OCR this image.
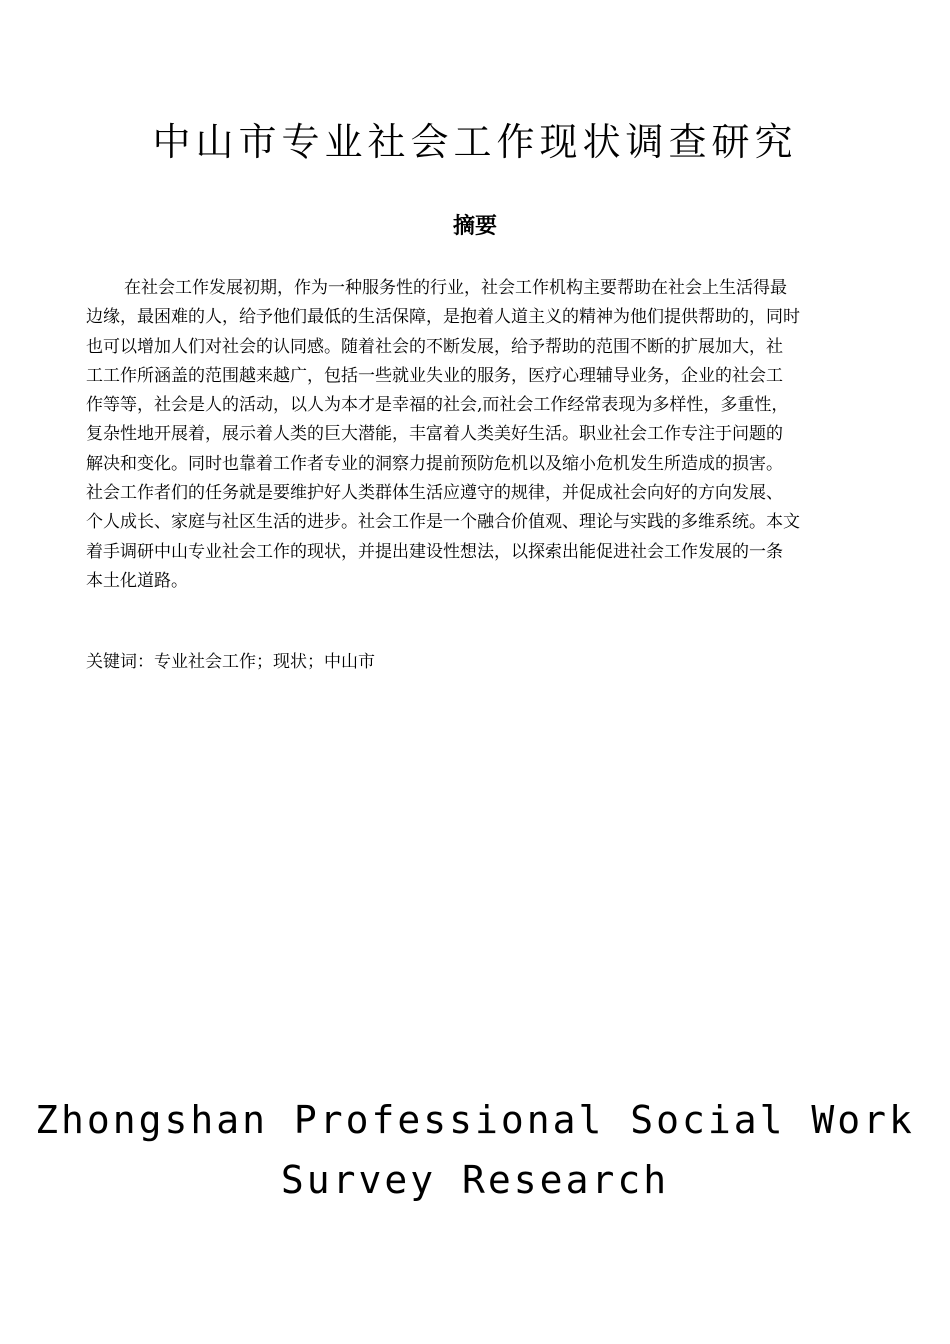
中山市专业社会工作现状调查研究
摘要

在社会工作发展初期，作为一种服务性的行业，社会工作机构主要帮助在社会上生活得最
边缘，最困难的人，给予他们最低的生活保障，是抱着人道主义的精神为他们提供帮助的，同时
也可以增加人们对社会的认同感。随着社会的不断发展，给予帮助的范围不断的扩展加大，社
工工作所涵盖的范围越来越广，包括一些就业失业的服务，医疗心理辅导业务，企业的社会工
作等等，社会是人的活动，以人为本才是幸福的社会,而社会工作经常表现为多样性，多重性，
复杂性地开展着，展示着人类的巨大潜能，丰富着人类美好生活。职业社会工作专注于问题的
解决和变化。同时也靠着工作者专业的洞察力提前预防危机以及缩小危机发生所造成的损害。
社会工作者们的任务就是要维护好人类群体生活应遵守的规律，并促成社会向好的方向发展、
个人成长、家庭与社区生活的进步。社会工作是一个融合价值观、理论与实践的多维系统。本文
着手调研中山专业社会工作的现状，并提出建设性想法，以探索出能促进社会工作发展的一条
本土化道路。

关键词：专业社会工作；现状；中山市
Zhongshan Professional Social Work
Survey Research
